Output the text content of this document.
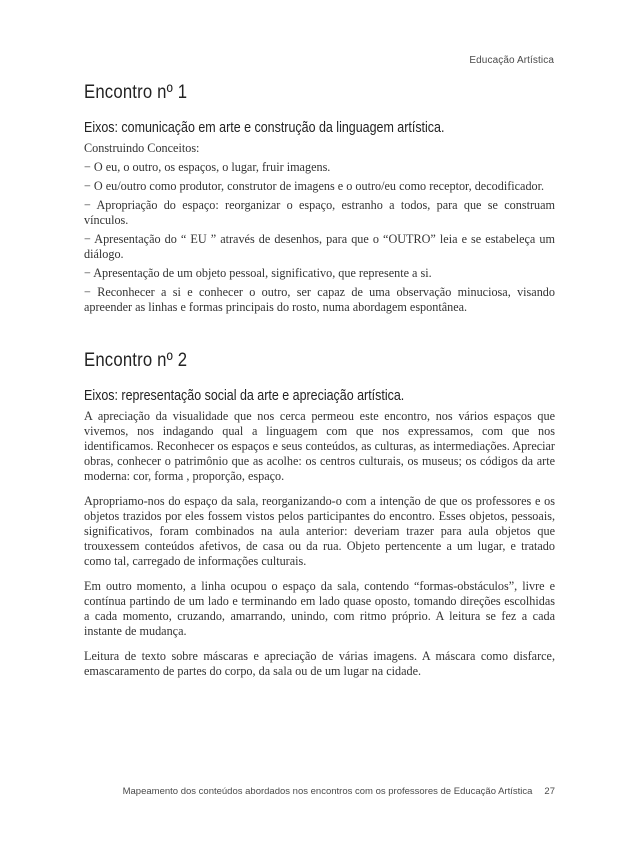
Educação Artística
Encontro nº 1

Eixos: comunicação em arte e construção da linguagem artística.

Construindo Conceitos:

− O eu, o outro, os espaços, o lugar, fruir imagens.

− O eu/outro como produtor, construtor de imagens e o outro/eu como receptor, decodificador.

− Apropriação do espaço: reorganizar o espaço, estranho a todos, para que se construam vínculos.

− Apresentação do “ EU ” através de desenhos, para que o “OUTRO” leia e se estabeleça um diálogo.

− Apresentação de um objeto pessoal, significativo, que represente a si.

− Reconhecer a si e conhecer o outro, ser capaz de uma observação minuciosa, visando apreender as linhas e formas principais do rosto, numa abordagem espontânea.

Encontro nº 2

Eixos: representação social da arte e apreciação artística.

A apreciação da visualidade que nos cerca permeou este encontro, nos vários espaços que vivemos, nos indagando qual a linguagem com que nos expressamos, com que nos identificamos. Reconhecer os espaços e seus conteúdos, as culturas, as intermediações. Apreciar obras, conhecer o patrimônio que as acolhe: os centros culturais, os museus; os códigos da arte moderna: cor, forma , proporção, espaço.

Apropriamo-nos do espaço da sala, reorganizando-o com a intenção de que os professores e os objetos trazidos por eles fossem vistos pelos participantes do encontro. Esses objetos, pessoais, significativos, foram combinados na aula anterior: deveriam trazer para aula objetos que trouxessem conteúdos afetivos, de casa ou da rua. Objeto pertencente a um lugar, e tratado como tal, carregado de informações culturais.

Em outro momento, a linha ocupou o espaço da sala, contendo “formas-obstáculos”, livre e contínua partindo de um lado e terminando em lado quase oposto, tomando direções escolhidas a cada momento, cruzando, amarrando, unindo, com ritmo próprio. A leitura se fez a cada instante de mudança.

Leitura de texto sobre máscaras e apreciação de várias imagens. A máscara como disfarce, emascaramento de partes do corpo, da sala ou de um lugar na cidade.

Mapeamento dos conteúdos abordados nos encontros com os professores de Educação Artística 27
